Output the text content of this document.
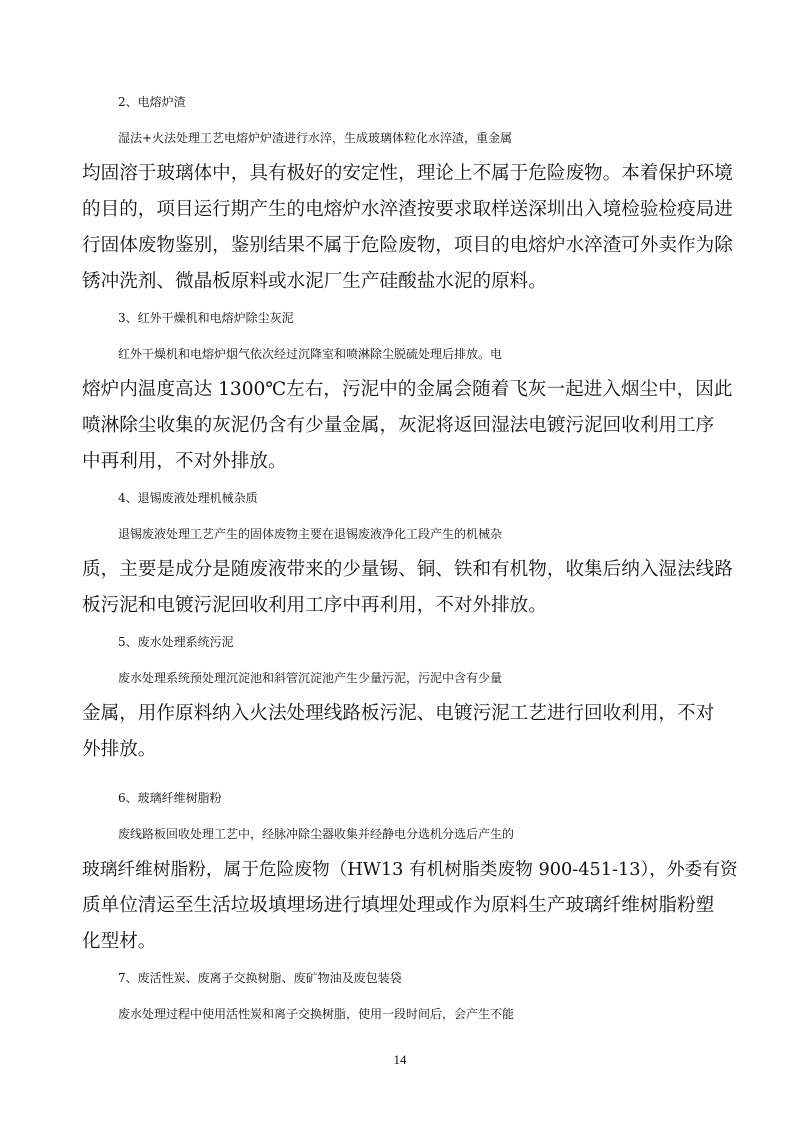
2、电熔炉渣
湿法+火法处理工艺电熔炉炉渣进行水淬，生成玻璃体粒化水淬渣，重金属
均固溶于玻璃体中，具有极好的安定性，理论上不属于危险废物。本着保护环境
的目的，项目运行期产生的电熔炉水淬渣按要求取样送深圳出入境检验检疫局进
行固体废物鉴别，鉴别结果不属于危险废物，项目的电熔炉水淬渣可外卖作为除
锈冲洗剂、微晶板原料或水泥厂生产硅酸盐水泥的原料。
3、红外干燥机和电熔炉除尘灰泥
红外干燥机和电熔炉烟气依次经过沉降室和喷淋除尘脱硫处理后排放。电
熔炉内温度高达 1300℃左右，污泥中的金属会随着飞灰一起进入烟尘中，因此
喷淋除尘收集的灰泥仍含有少量金属，灰泥将返回湿法电镀污泥回收利用工序
中再利用，不对外排放。
4、退锡废液处理机械杂质
退锡废液处理工艺产生的固体废物主要在退锡废液净化工段产生的机械杂
质，主要是成分是随废液带来的少量锡、铜、铁和有机物，收集后纳入湿法线路
板污泥和电镀污泥回收利用工序中再利用，不对外排放。
5、废水处理系统污泥
废水处理系统预处理沉淀池和斜管沉淀池产生少量污泥，污泥中含有少量
金属，用作原料纳入火法处理线路板污泥、电镀污泥工艺进行回收利用，不对
外排放。
6、玻璃纤维树脂粉
废线路板回收处理工艺中，经脉冲除尘器收集并经静电分选机分选后产生的
玻璃纤维树脂粉，属于危险废物（HW13 有机树脂类废物 900-451-13），外委有资
质单位清运至生活垃圾填埋场进行填埋处理或作为原料生产玻璃纤维树脂粉塑
化型材。
7、废活性炭、废离子交换树脂、废矿物油及废包装袋
废水处理过程中使用活性炭和离子交换树脂，使用一段时间后，会产生不能
14
